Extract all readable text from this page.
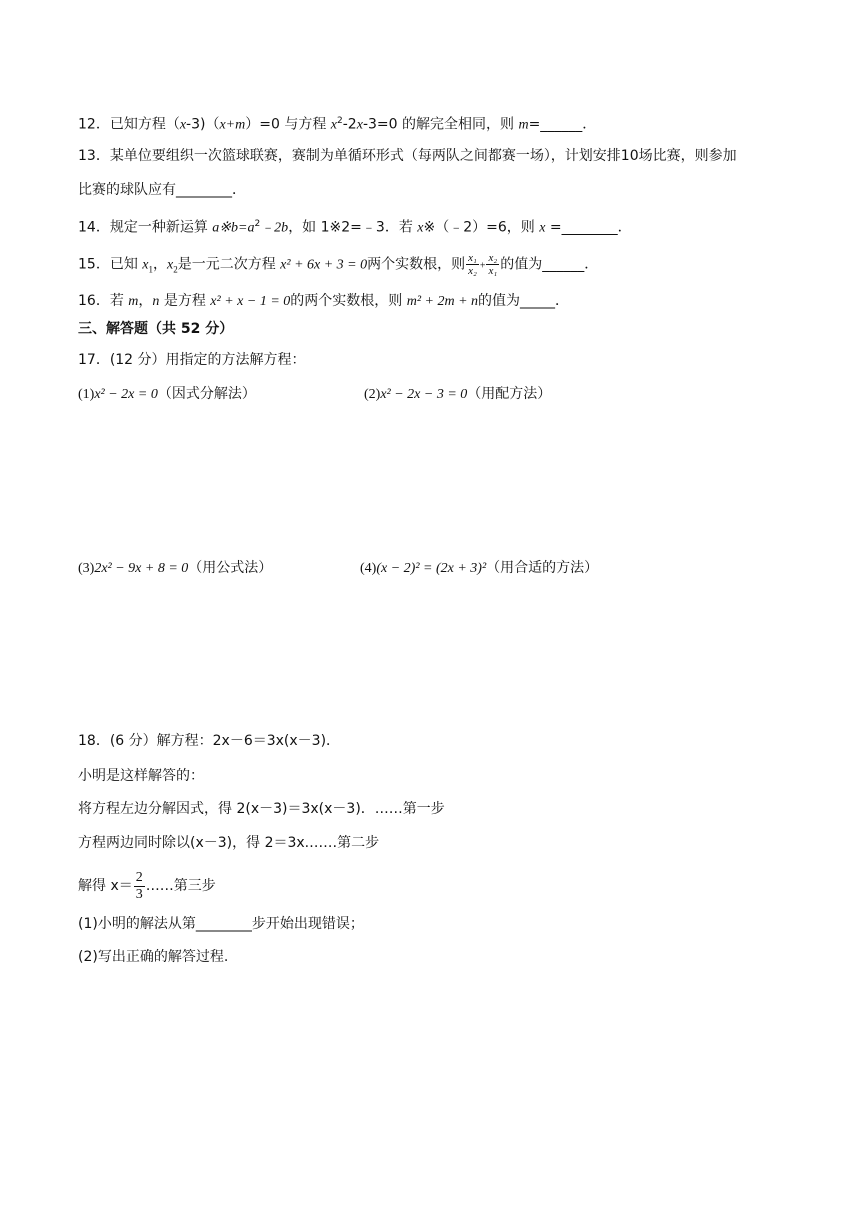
12．已知方程（x-3)（x+m）=0 与方程 $x^2-2x-3=0$ 的解完全相同，则 m=______．
13．某单位要组织一次篮球联赛，赛制为单循环形式（每两队之间都赛一场），计划安排10场比赛，则参加
比赛的球队应有________．
14．规定一种新运算 $a※b=a^2﹣2b$，如 1※2=﹣3．若 x※（﹣2）=6，则 x =________．
15．已知 $x_1$，$x_2$是一元二次方程 x² + 6x + 3 = 0两个实数根，则 $\frac{\text{x₁}}{\text{x₂}} + \frac{\text{x₂}}{\text{x₁}}$ 的值为______．
16．若 m，n 是方程 x² + x − 1 = 0的两个实数根，则 m² + 2m + n的值为_____．
三、解答题（共 52 分）
17．(12 分）用指定的方法解方程：
(1)x² − 2x = 0（因式分解法）	(2)x² − 2x − 3 = 0（用配方法）
(3)2x² − 9x + 8 = 0（用公式法）	(4)(x − 2)² = (2x + 3)²（用合适的方法）
18．(6 分）解方程：2x－6＝3x(x－3)．
小明是这样解答的：
将方程左边分解因式，得 2(x－3)＝3x(x－3)．……第一步
方程两边同时除以(x－3)，得 2＝3x.……第二步
解得 $x= \frac{2}{3}$ ……第三步
(1)小明的解法从第________步开始出现错误；
(2)写出正确的解答过程.
